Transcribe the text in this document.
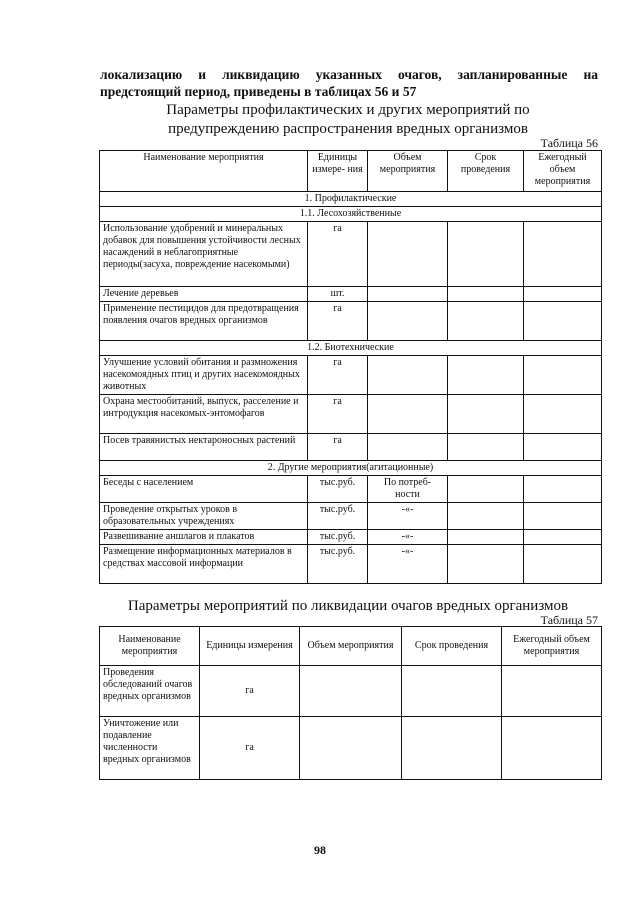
локализацию и ликвидацию указанных очагов, запланированные на
предстоящий период, приведены в таблицах 56 и 57
Параметры профилактических и других мероприятий по
предупреждению распространения вредных организмов
Таблица 56
Наименование мероприятия	Единицы измере- ния	Объем мероприятия	Срок проведения	Ежегодный объем мероприятия
1. Профилактические				
1.1. Лесохозяйственные				
Использование удобрений и минеральных добавок для повышения устойчивости лесных насаждений в неблагоприятные периоды(засуха, повреждение насекомыми)	га			
Лечение деревьев	шт.			
Применение пестицидов для предотвращения появления очагов вредных организмов	га			
1.2. Биотехнические				
Улучшение условий обитания и размножения насекомоядных птиц и других насекомоядных животных	га			
Охрана местообитаний, выпуск, расселение и интродукция насекомых-энтомофагов	га			
Посев травянистых нектароносных растений	га			
2. Другие мероприятия(агитационные)				
Беседы с населением	тыс.руб.	По потреб- ности		
Проведение открытых уроков в образовательных учреждениях	тыс.руб.	-«-		
Развешивание аншлагов и плакатов	тыс.руб.	-«-		
Размещение информационных материалов в средствах массовой информации	тыс.руб.	-«-		
Параметры мероприятий по ликвидации очагов вредных организмов
Таблица 57
Наименование мероприятия	Единицы измерения	Объем мероприятия	Срок проведения	Ежегодный объем мероприятия
Проведения обследований очагов вредных организмов	га			
Уничтожение или подавление численности вредных организмов	га			
98
